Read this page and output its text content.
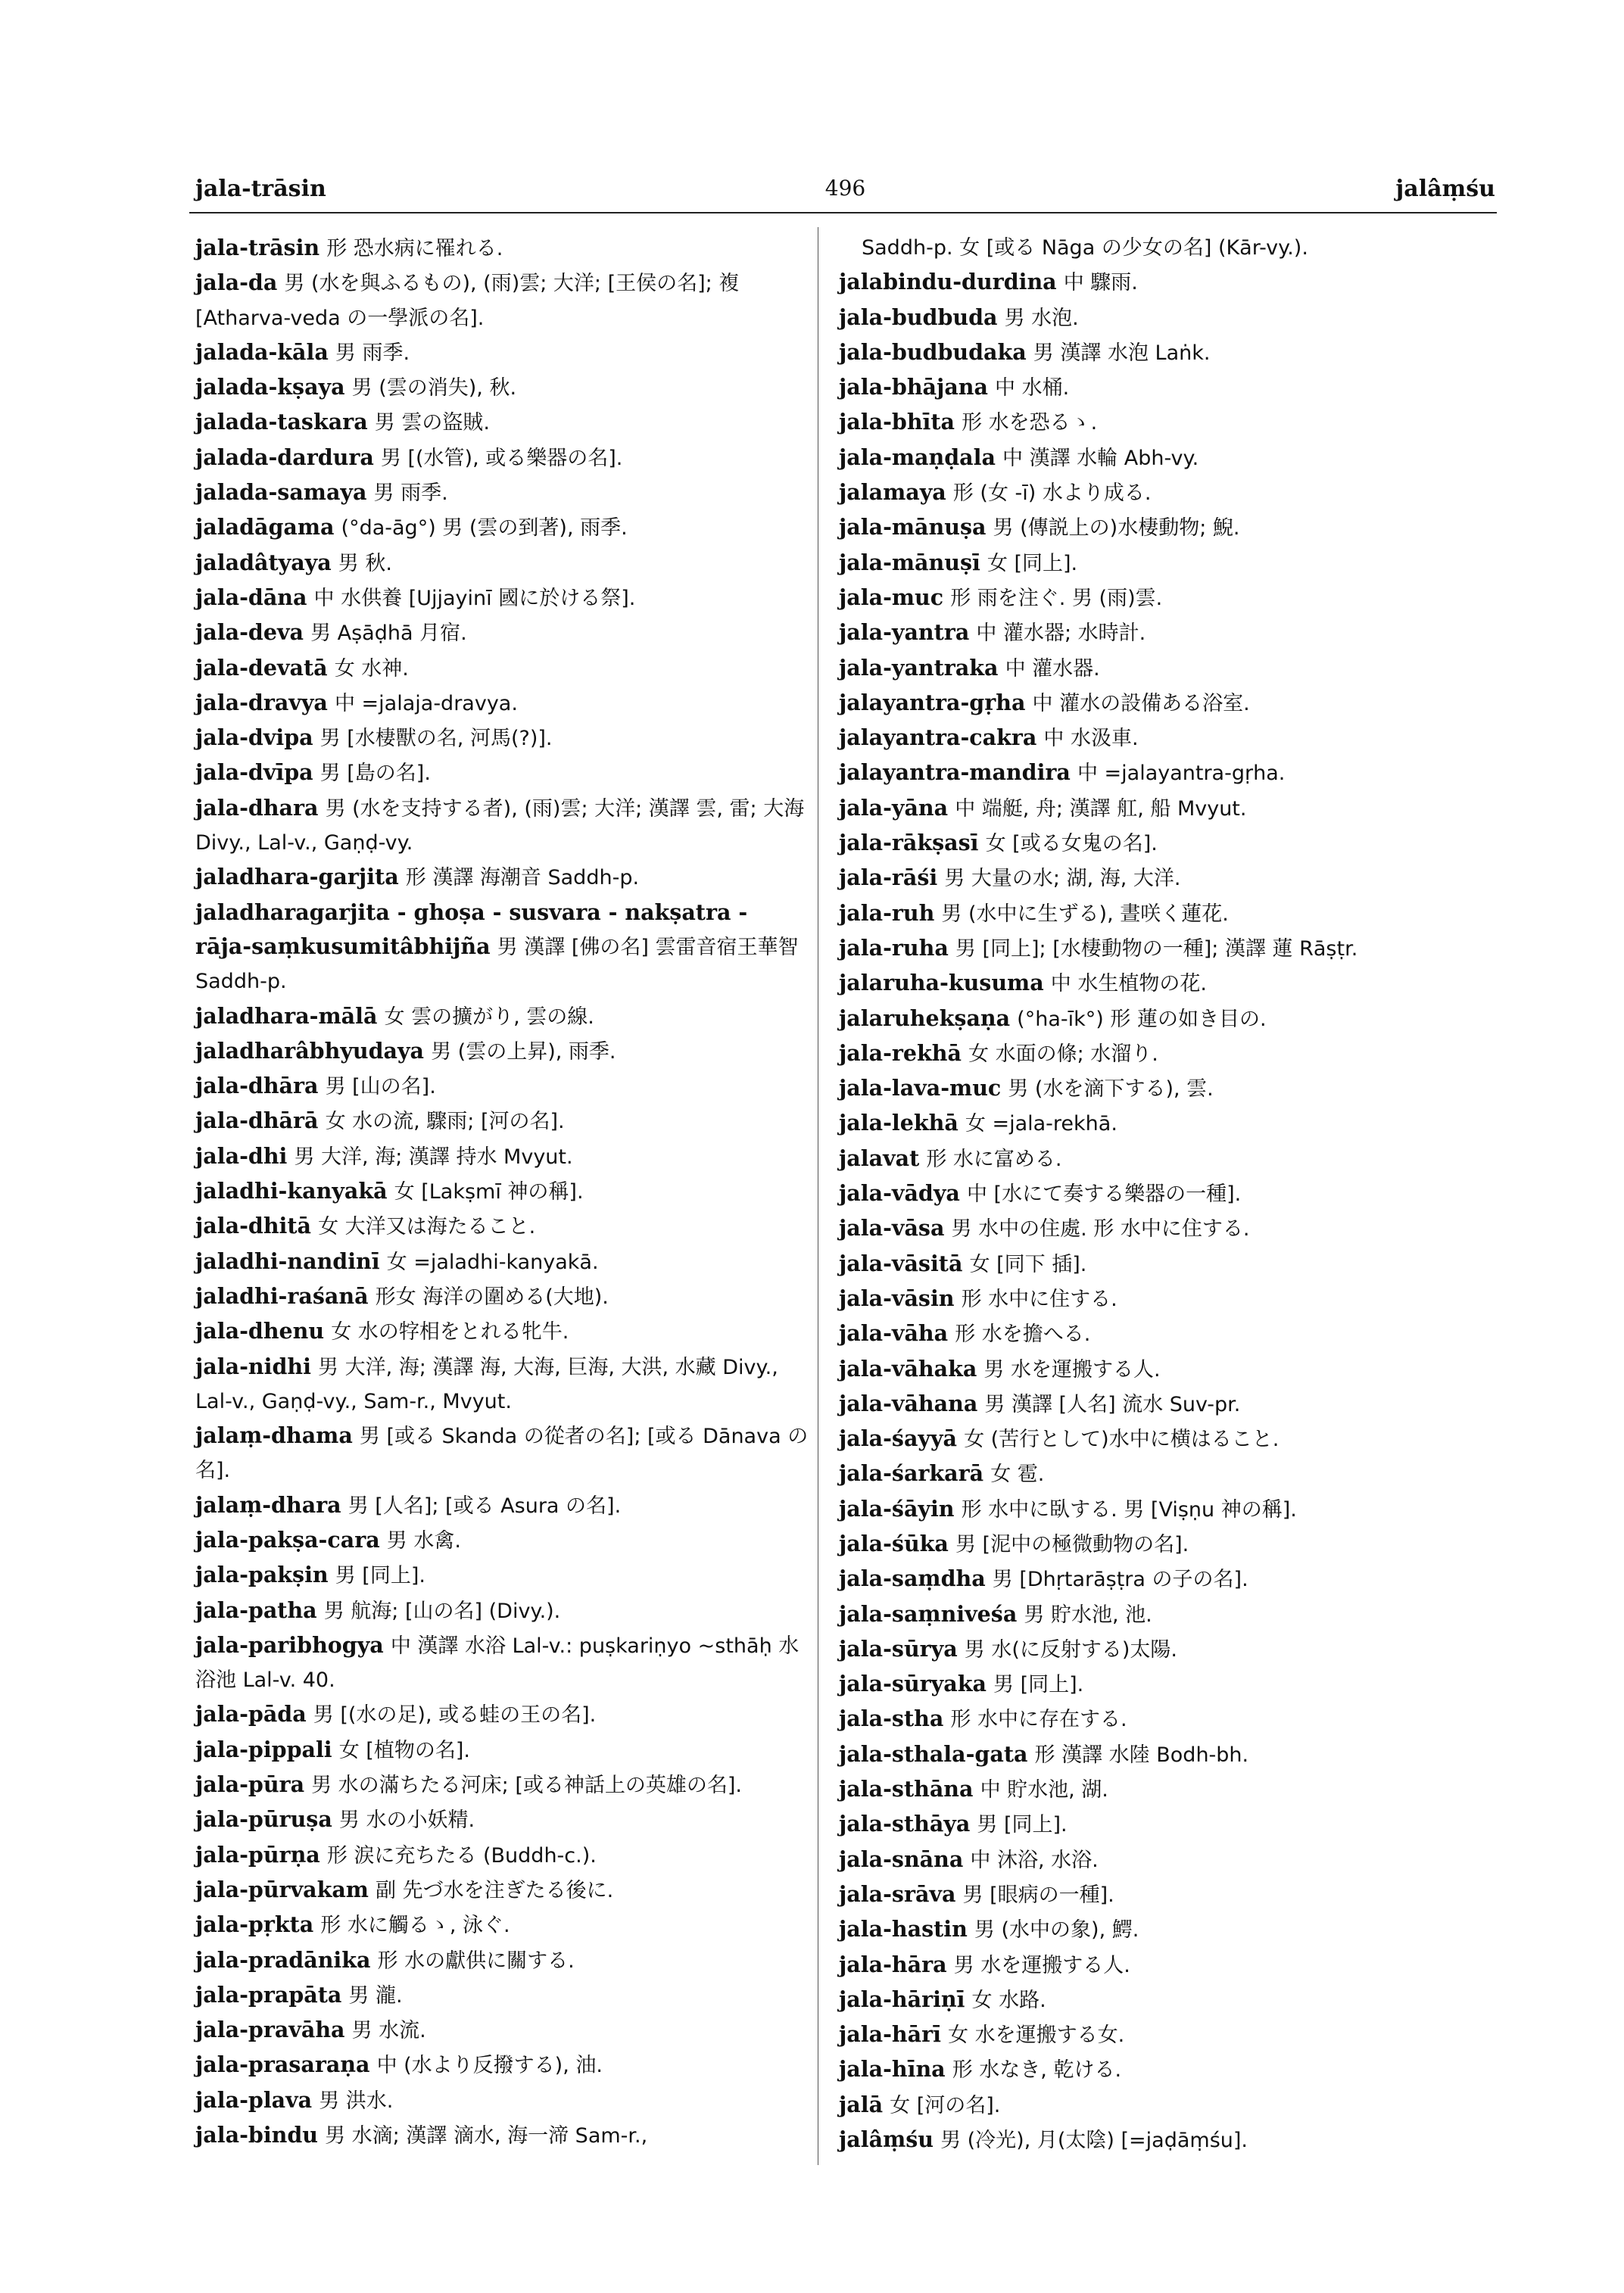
496
jala-trāsin	jalâṃśu
jala-trāsin 形 恐水病に罹れる.
jala-da 男 (水を與ふるもの), (雨)雲; 大洋; [王侯の名]; 複 [Atharva-veda の一學派の名].
jalada-kāla 男 雨季.
jalada-kṣaya 男 (雲の消失), 秋.
jalada-taskara 男 雲の盜賊.
jalada-dardura 男 [(水管), 或る樂器の名].
jalada-samaya 男 雨季.
jaladāgama (°da-āg°) 男 (雲の到著), 雨季.
jaladâtyaya 男 秋.
jala-dāna 中 水供養 [Ujjayinī 國に於ける祭].
jala-deva 男 Aṣāḍhā 月宿.
jala-devatā 女 水神.
jala-dravya 中 =jalaja-dravya.
jala-dvipa 男 [水棲獸の名, 河馬(?)].
jala-dvīpa 男 [島の名].
jala-dhara 男 (水を支持する者), (雨)雲; 大洋; 漢譯 雲, 雷; 大海 Divy., Lal-v., Gaṇḍ-vy.
jaladhara-garjita 形 漢譯 海潮音 Saddh-p.
jaladharagarjita - ghoṣa - susvara - nakṣatra - rāja-saṃkusumitâbhijña 男 漢譯 [佛の名] 雲雷音宿王華智 Saddh-p.
jaladhara-mālā 女 雲の擴がり, 雲の線.
jaladharâbhyudaya 男 (雲の上昇), 雨季.
jala-dhāra 男 [山の名].
jala-dhārā 女 水の流, 驟雨; [河の名].
jala-dhi 男 大洋, 海; 漢譯 持水 Mvyut.
jaladhi-kanyakā 女 [Lakṣmī 神の稱].
jala-dhitā 女 大洋又は海たること.
jaladhi-nandinī 女 =jaladhi-kanyakā.
jaladhi-raśanā 形女 海洋の圍める(大地).
jala-dhenu 女 水の牸相をとれる牝牛.
jala-nidhi 男 大洋, 海; 漢譯 海, 大海, 巨海, 大洪, 水藏 Divy., Lal-v., Gaṇḍ-vy., Sam-r., Mvyut.
jalaṃ-dhama 男 [或る Skanda の從者の名]; [或る Dānava の名].
jalaṃ-dhara 男 [人名]; [或る Asura の名].
jala-pakṣa-cara 男 水禽.
jala-pakṣin 男 [同上].
jala-patha 男 航海; [山の名] (Divy.).
jala-paribhogya 中 漢譯 水浴 Lal-v.: puṣkariṇyo ~sthāḥ 水浴池 Lal-v. 40.
jala-pāda 男 [(水の足), 或る蛙の王の名].
jala-pippali 女 [植物の名].
jala-pūra 男 水の滿ちたる河床; [或る神話上の英雄の名].
jala-pūruṣa 男 水の小妖精.
jala-pūrṇa 形 涙に充ちたる (Buddh-c.).
jala-pūrvakam 副 先づ水を注ぎたる後に.
jala-pṛkta 形 水に觸るゝ, 泳ぐ.
jala-pradānika 形 水の獻供に關する.
jala-prapāta 男 瀧.
jala-pravāha 男 水流.
jala-prasaraṇa 中 (水より反撥する), 油.
jala-plava 男 洪水.
jala-bindu 男 水滴; 漢譯 滴水, 海一渧 Sam-r.,
Saddh-p. 女 [或る Nāga の少女の名] (Kār-vy.).
jalabindu-durdina 中 驟雨.
jala-budbuda 男 水泡.
jala-budbudaka 男 漢譯 水泡 Laṅk.
jala-bhājana 中 水桶.
jala-bhīta 形 水を恐るゝ.
jala-maṇḍala 中 漢譯 水輪 Abh-vy.
jalamaya 形 (女 -ī) 水より成る.
jala-mānuṣa 男 (傳説上の)水棲動物; 鯢.
jala-mānuṣī 女 [同上].
jala-muc 形 雨を注ぐ. 男 (雨)雲.
jala-yantra 中 灌水器; 水時計.
jala-yantraka 中 灌水器.
jalayantra-gṛha 中 灌水の設備ある浴室.
jalayantra-cakra 中 水汲車.
jalayantra-mandira 中 =jalayantra-gṛha.
jala-yāna 中 端艇, 舟; 漢譯 舡, 船 Mvyut.
jala-rākṣasī 女 [或る女鬼の名].
jala-rāśi 男 大量の水; 湖, 海, 大洋.
jala-ruh 男 (水中に生ずる), 晝咲く蓮花.
jala-ruha 男 [同上]; [水棲動物の一種]; 漢譯 蓮 Rāṣṭr.
jalaruha-kusuma 中 水生植物の花.
jalaruhekṣaṇa (°ha-īk°) 形 蓮の如き目の.
jala-rekhā 女 水面の條; 水溜り.
jala-lava-muc 男 (水を滴下する), 雲.
jala-lekhā 女 =jala-rekhā.
jalavat 形 水に富める.
jala-vādya 中 [水にて奏する樂器の一種].
jala-vāsa 男 水中の住處. 形 水中に住する.
jala-vāsitā 女 [同下 插].
jala-vāsin 形 水中に住する.
jala-vāha 形 水を擔へる.
jala-vāhaka 男 水を運搬する人.
jala-vāhana 男 漢譯 [人名] 流水 Suv-pr.
jala-śayyā 女 (苦行として)水中に横はること.
jala-śarkarā 女 雹.
jala-śāyin 形 水中に臥する. 男 [Viṣṇu 神の稱].
jala-śūka 男 [泥中の極微動物の名].
jala-saṃdha 男 [Dhṛtarāṣṭra の子の名].
jala-saṃniveśa 男 貯水池, 池.
jala-sūrya 男 水(に反射する)太陽.
jala-sūryaka 男 [同上].
jala-stha 形 水中に存在する.
jala-sthala-gata 形 漢譯 水陸 Bodh-bh.
jala-sthāna 中 貯水池, 湖.
jala-sthāya 男 [同上].
jala-snāna 中 沐浴, 水浴.
jala-srāva 男 [眼病の一種].
jala-hastin 男 (水中の象), 鰐.
jala-hāra 男 水を運搬する人.
jala-hāriṇī 女 水路.
jala-hārī 女 水を運搬する女.
jala-hīna 形 水なき, 乾ける.
jalā 女 [河の名].
jalâṃśu 男 (冷光), 月(太陰) [=jaḍāṃśu].
